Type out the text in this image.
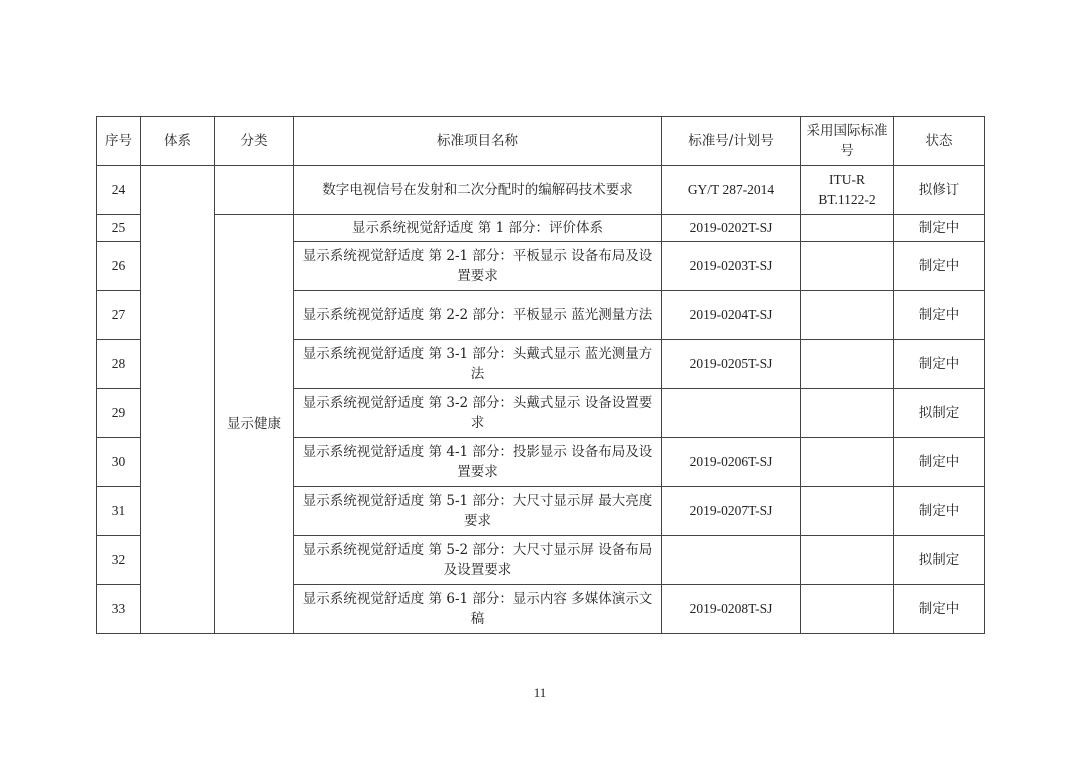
序号	体系	分类	标准项目名称	标准号/计划号	采用国际标准号	状态
24			数字电视信号在发射和二次分配时的编解码技术要求	GY/T 287-2014	ITU-R BT.1122-2	拟修订
25		显示健康	显示系统视觉舒适度 第 1 部分：评价体系	2019-0202T-SJ		制定中
26			显示系统视觉舒适度 第 2-1 部分：平板显示 设备布局及设置要求	2019-0203T-SJ		制定中
27			显示系统视觉舒适度 第 2-2 部分：平板显示 蓝光测量方法	2019-0204T-SJ		制定中
28			显示系统视觉舒适度 第 3-1 部分：头戴式显示 蓝光测量方法	2019-0205T-SJ		制定中
29			显示系统视觉舒适度 第 3-2 部分：头戴式显示 设备设置要求			拟制定
30			显示系统视觉舒适度 第 4-1 部分：投影显示 设备布局及设置要求	2019-0206T-SJ		制定中
31			显示系统视觉舒适度 第 5-1 部分：大尺寸显示屏 最大亮度要求	2019-0207T-SJ		制定中
32			显示系统视觉舒适度 第 5-2 部分：大尺寸显示屏 设备布局及设置要求			拟制定
33			显示系统视觉舒适度 第 6-1 部分：显示内容 多媒体演示文稿	2019-0208T-SJ		制定中
11
